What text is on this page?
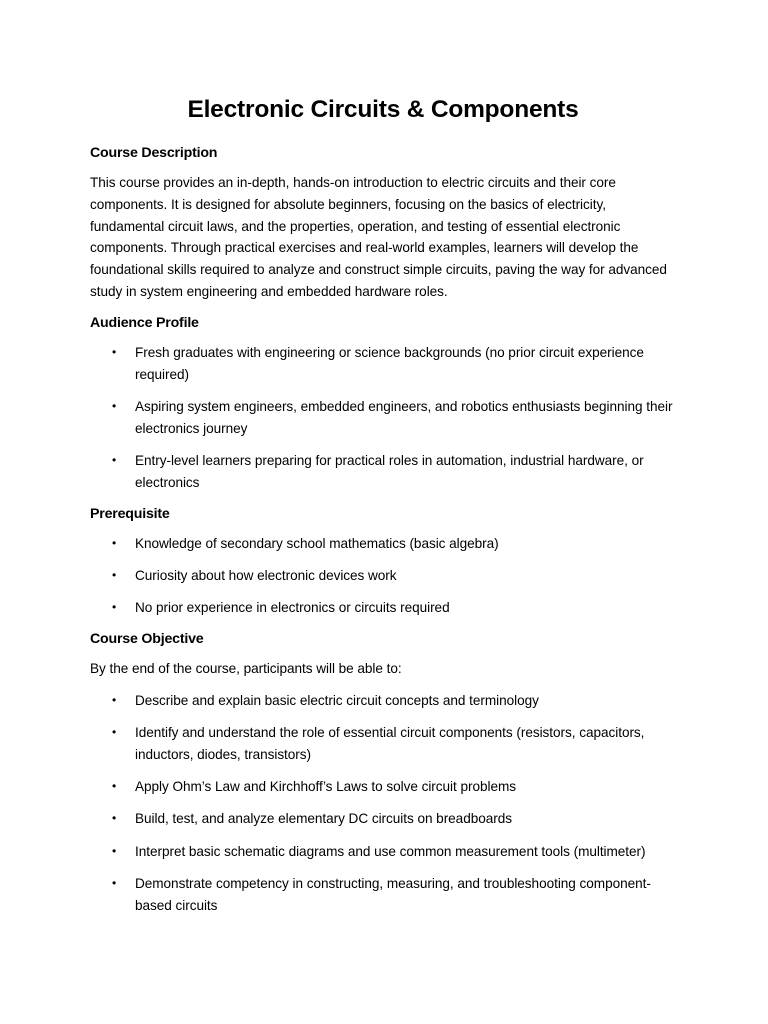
Electronic Circuits & Components
Course Description

This course provides an in-depth, hands-on introduction to electric circuits and their core components. It is designed for absolute beginners, focusing on the basics of electricity, fundamental circuit laws, and the properties, operation, and testing of essential electronic components. Through practical exercises and real-world examples, learners will develop the foundational skills required to analyze and construct simple circuits, paving the way for advanced study in system engineering and embedded hardware roles.

Audience Profile
• Fresh graduates with engineering or science backgrounds (no prior circuit experience required)
• Aspiring system engineers, embedded engineers, and robotics enthusiasts beginning their electronics journey
• Entry-level learners preparing for practical roles in automation, industrial hardware, or electronics
Prerequisite
• Knowledge of secondary school mathematics (basic algebra)
• Curiosity about how electronic devices work
• No prior experience in electronics or circuits required
Course Objective

By the end of the course, participants will be able to:

• Describe and explain basic electric circuit concepts and terminology
• Identify and understand the role of essential circuit components (resistors, capacitors, inductors, diodes, transistors)
• Apply Ohm’s Law and Kirchhoff’s Laws to solve circuit problems
• Build, test, and analyze elementary DC circuits on breadboards
• Interpret basic schematic diagrams and use common measurement tools (multimeter)
• Demonstrate competency in constructing, measuring, and troubleshooting component-based circuits
